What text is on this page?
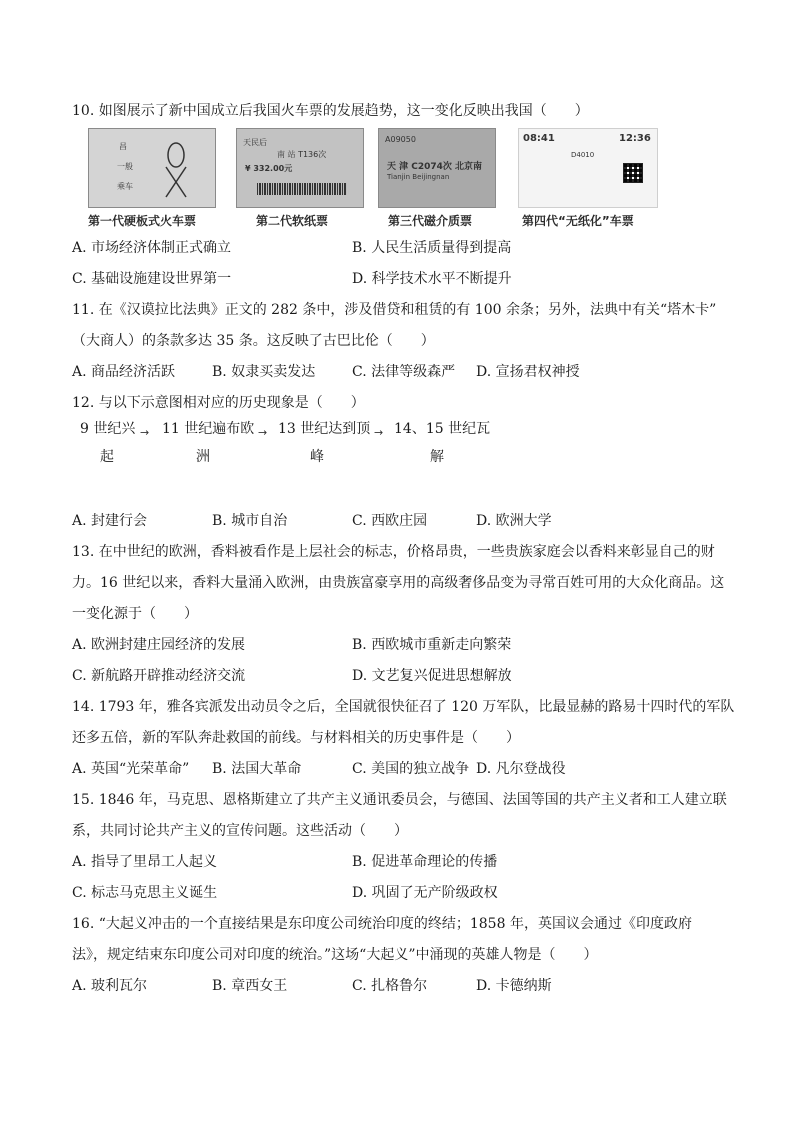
10. 如图展示了新中国成立后我国火车票的发展趋势，这一变化反映出我国（　　）
昌
一般
乘车
第一代硬板式火车票
天民后
南 站 T136次
¥ 332.00元
第二代软纸票
A09050
天 津 C2074次 北京南
Tianjin Beijingnan
第三代磁介质票
08:41	12:36
D4010
第四代“无纸化”车票
A. 市场经济体制正式确立	B. 人民生活质量得到提高
C. 基础设施建设世界第一	D. 科学技术水平不断提升
11. 在《汉谟拉比法典》正文的 282 条中，涉及借贷和租赁的有 100 余条；另外，法典中有关“塔木卡”
（大商人）的条款多达 35 条。这反映了古巴比伦（　　）
A. 商品经济活跃	B. 奴隶买卖发达	C. 法律等级森严 D. 宣扬君权神授
12. 与以下示意图相对应的历史现象是（　　）
9 世纪兴
起
→ 11 世纪遍布欧
洲
→ 13 世纪达到顶
峰
→ 14、15 世纪瓦
解
A. 封建行会	B. 城市自治	C. 西欧庄园	D. 欧洲大学
13. 在中世纪的欧洲，香料被看作是上层社会的标志，价格昂贵，一些贵族家庭会以香料来彰显自己的财
力。16 世纪以来，香料大量涌入欧洲，由贵族富豪享用的高级奢侈品变为寻常百姓可用的大众化商品。这
一变化源于（　　）
A. 欧洲封建庄园经济的发展	B. 西欧城市重新走向繁荣
C. 新航路开辟推动经济交流	D. 文艺复兴促进思想解放
14. 1793 年，雅各宾派发出动员令之后，全国就很快征召了 120 万军队，比最显赫的路易十四时代的军队
还多五倍，新的军队奔赴救国的前线。与材料相关的历史事件是（　　）
A. 英国“光荣革命” B. 法国大革命	C. 美国的独立战争 D. 凡尔登战役
15. 1846 年，马克思、恩格斯建立了共产主义通讯委员会，与德国、法国等国的共产主义者和工人建立联
系，共同讨论共产主义的宣传问题。这些活动（　　）
A. 指导了里昂工人起义	B. 促进革命理论的传播
C. 标志马克思主义诞生	D. 巩固了无产阶级政权
16. “大起义冲击的一个直接结果是东印度公司统治印度的终结；1858 年，英国议会通过《印度政府
法》，规定结束东印度公司对印度的统治。”这场“大起义”中涌现的英雄人物是（　　）
A. 玻利瓦尔	B. 章西女王	C. 扎格鲁尔	D. 卡德纳斯
